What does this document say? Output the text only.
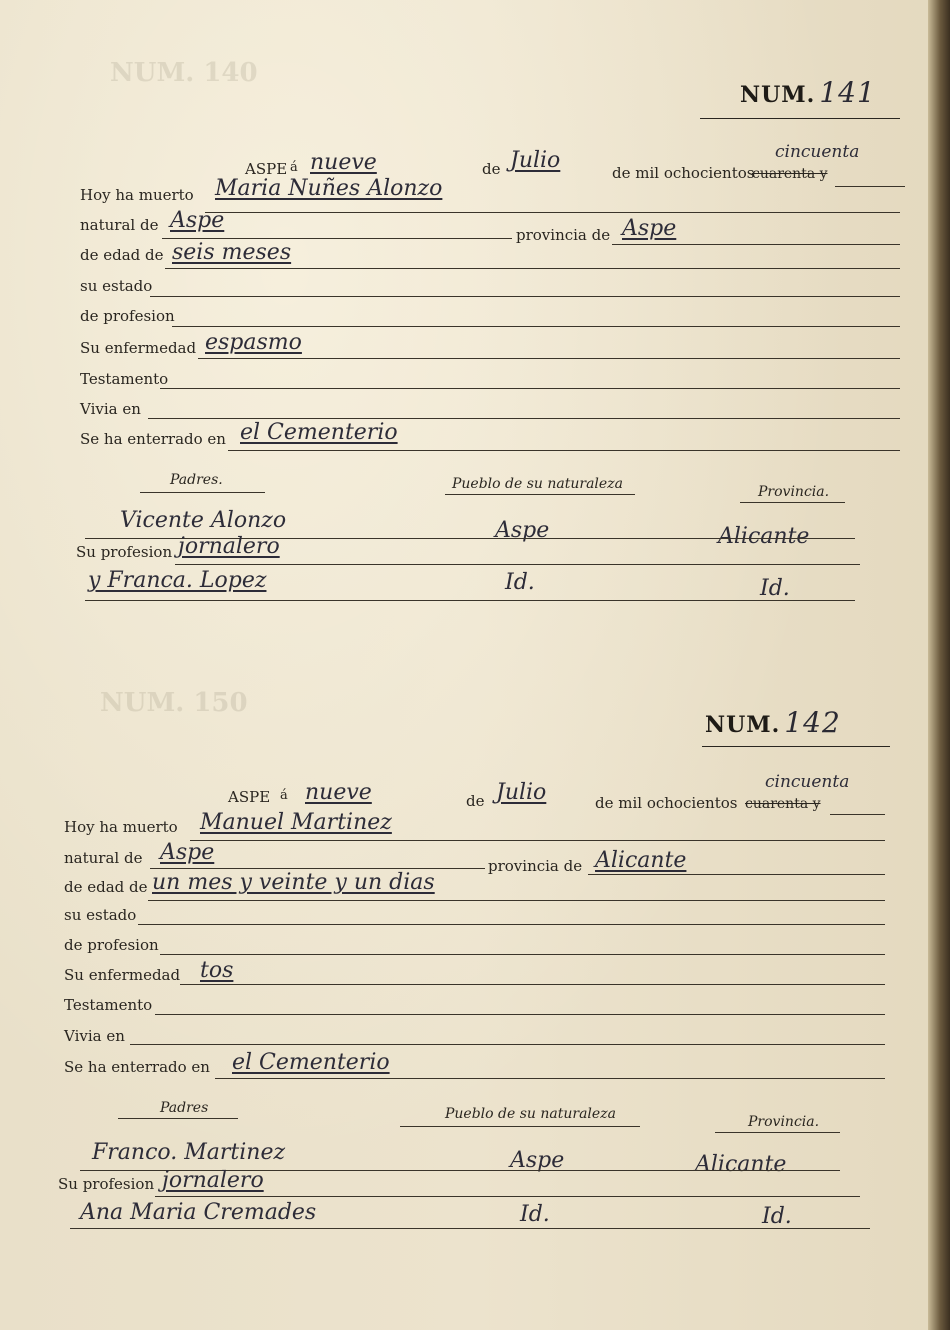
NUM. 140
NUM. 150
NUM. 141
ASPE á nueve	de Julio	de mil ochocientos
cuarenta y
cincuenta
Hoy ha muerto Maria Nuñes Alonzo
natural de Aspe
provincia de Aspe
de edad de seis meses
su estado
de profesion
Su enfermedad espasmo
Testamento
Vivia en
Se ha enterrado en el Cementerio
Padres.	Pueblo de su naturaleza	Provincia.
Vicente Alonzo	Aspe	Alicante
Su profesion jornalero
y Franca. Lopez	Id.	Id.
NUM. 142
ASPE á nueve	de Julio	de mil ochocientos cuarenta y
cincuenta
Hoy ha muerto Manuel Martinez
natural de Aspe
provincia de Alicante
de edad de un mes y veinte y un dias
su estado
de profesion
Su enfermedad tos
Testamento
Vivia en
Se ha enterrado en el Cementerio
Padres	Pueblo de su naturaleza	Provincia.
Franco. Martinez	Aspe	Alicante
Su profesion jornalero
Ana Maria Cremades	Id.	Id.
